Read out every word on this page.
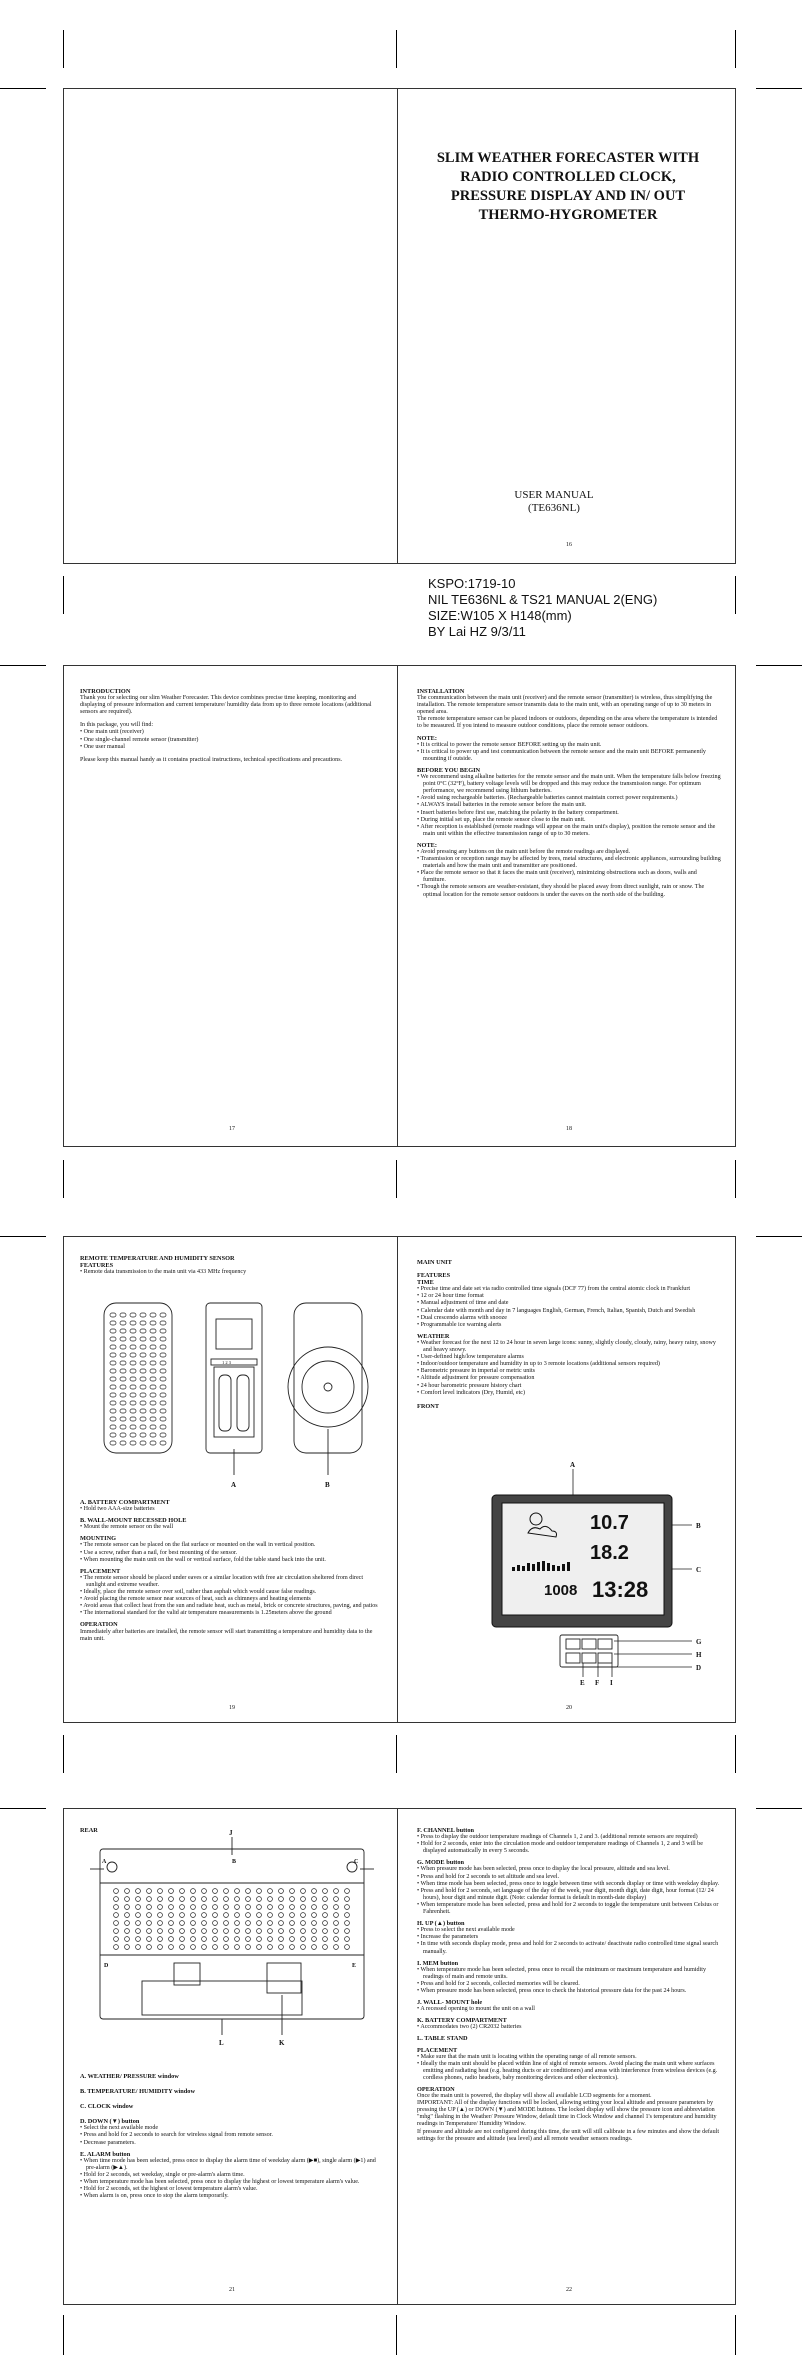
SLIM WEATHER FORECASTER WITH
RADIO CONTROLLED CLOCK,
PRESSURE DISPLAY AND IN/ OUT
THERMO-HYGROMETER
USER MANUAL
(TE636NL)
16
KSPO:1719-10
NIL TE636NL & TS21 MANUAL 2(ENG)
SIZE:W105 X H148(mm)
BY Lai HZ 9/3/11
INTRODUCTION

Thank you for selecting our slim Weather Forecaster. This device combines precise time keeping, monitoring and displaying of pressure information and current temperature/ humidity data from up to three remote locations (additional sensors are required).

In this package, you will find:

• One main unit (receiver)
• One single-channel remote sensor (transmitter)
• One user manual

Please keep this manual handy as it contains practical instructions, technical specifications and precautions.

17
INSTALLATION

The communication between the main unit (receiver) and the remote sensor (transmitter) is wireless, thus simplifying the installation. The remote temperature sensor transmits data to the main unit, with an operating range of up to 30 meters in opened area.

The remote temperature sensor can be placed indoors or outdoors, depending on the area where the temperature is intended to be measured. If you intend to measure outdoor conditions, place the remote sensor outdoors.

NOTE:
• It is critical to power the remote sensor BEFORE setting up the main unit.
• It is critical to power up and test communication between the remote sensor and the main unit BEFORE permanently mounting if outside.
BEFORE YOU BEGIN
• We recommend using alkaline batteries for the remote sensor and the main unit. When the temperature falls below freezing point 0°C (32°F), battery voltage levels will be dropped and this may reduce the transmission range. For optimum performance, we recommend using lithium batteries.
• Avoid using rechargeable batteries. (Rechargeable batteries cannot maintain correct power requirements.)
• ALWAYS install batteries in the remote sensor before the main unit.
• Insert batteries before first use, matching the polarity in the battery compartment.
• During initial set up, place the remote sensor close to the main unit.
• After reception is established (remote readings will appear on the main unit's display), position the remote sensor and the main unit within the effective transmission range of up to 30 meters.
NOTE:
• Avoid pressing any buttons on the main unit before the remote readings are displayed.
• Transmission or reception range may be affected by trees, metal structures, and electronic appliances, surrounding building materials and how the main unit and transmitter are positioned.
• Place the remote sensor so that it faces the main unit (receiver), minimizing obstructions such as doors, walls and furniture.
• Though the remote sensors are weather-resistant, they should be placed away from direct sunlight, rain or snow. The optimal location for the remote sensor outdoors is under the eaves on the north side of the building.
18
REMOTE TEMPERATURE AND HUMIDITY SENSOR
FEATURES

• Remote data transmission to the main unit via 433 MHz frequency

1 2 3
A	B
A. BATTERY COMPARTMENT

• Hold two AAA-size batteries

B. WALL-MOUNT RECESSED HOLE

• Mount the remote sensor on the wall

MOUNTING
• The remote sensor can be placed on the flat surface or mounted on the wall in vertical position.
• Use a screw, rather than a nail, for best mounting of the sensor.
• When mounting the main unit on the wall or vertical surface, fold the table stand back into the unit.
PLACEMENT
• The remote sensor should be placed under eaves or a similar location with free air circulation sheltered from direct sunlight and extreme weather.
• Ideally, place the remote sensor over soil, rather than asphalt which would cause false readings.
• Avoid placing the remote sensor near sources of heat, such as chimneys and heating elements
• Avoid areas that collect heat from the sun and radiate heat, such as metal, brick or concrete structures, paving, and patios
• The international standard for the valid air temperature measurements is 1.25meters above the ground
OPERATION

Immediately after batteries are installed, the remote sensor will start transmitting a temperature and humidity data to the main unit.

19
MAIN UNIT
FEATURES
TIME
• Precise time and date set via radio controlled time signals (DCF 77) from the central atomic clock in Frankfurt
• 12 or 24 hour time format
• Manual adjustment of time and date
• Calendar date with month and day in 7 languages English, German, French, Italian, Spanish, Dutch and Swedish
• Dual crescendo alarms with snooze
• Programmable ice warning alerts
WEATHER
• Weather forecast for the next 12 to 24 hour in seven large icons: sunny, slightly cloudy, cloudy, rainy, heavy rainy, snowy and heavy snowy.
• User-defined high/low temperature alarms
• Indoor/outdoor temperature and humidity in up to 3 remote locations (additional sensors required)
• Barometric pressure in imperial or metric units
• Altitude adjustment for pressure compensation
• 24 hour barometric pressure history chart
• Comfort level indicators (Dry, Humid, etc)
FRONT
10.7
18.2
1008 13:28
A
B
C
G
H
D
E F I
20
REAR	J
A	B	C
D	E
L	K
A. WEATHER/ PRESSURE window
B. TEMPERATURE/ HUMIDITY window
C. CLOCK window
D. DOWN (▼) button
• Select the next available mode
• Press and hold for 2 seconds to search for wireless signal from remote sensor.
• Decrease parameters.
E. ALARM button
• When time mode has been selected, press once to display the alarm time of weekday alarm (▶■), single alarm (▶1) and pre-alarm (▶▲).
• Hold for 2 seconds, set weekday, single or pre-alarm's alarm time.
• When temperature mode has been selected, press once to display the highest or lowest temperature alarm's value.
• Hold for 2 seconds, set the highest or lowest temperature alarm's value.
• When alarm is on, press once to stop the alarm temporarily.
21
F. CHANNEL button
• Press to display the outdoor temperature readings of Channels 1, 2 and 3. (additional remote sensors are required)
• Hold for 2 seconds, enter into the circulation mode and outdoor temperature readings of Channels 1, 2 and 3 will be displayed automatically in every 5 seconds.
G. MODE button
• When pressure mode has been selected, press once to display the local pressure, altitude and sea level.
• Press and hold for 2 seconds to set altitude and sea level.
• When time mode has been selected, press once to toggle between time with seconds display or time with weekday display.
• Press and hold for 2 seconds, set language of the day of the week, year digit, month digit, date digit, hour format (12/ 24 hours), hour digit and minute digit. (Note: calendar format is default in month-date display)
• When temperature mode has been selected, press and hold for 2 seconds to toggle the temperature unit between Celsius or Fahrenheit.
H. UP (▲) button
• Press to select the next available mode
• Increase the parameters
• In time with seconds display mode, press and hold for 2 seconds to activate/ deactivate radio controlled time signal search manually.
I. MEM button
• When temperature mode has been selected, press once to recall the minimum or maximum temperature and humidity readings of main and remote units.
• Press and hold for 2 seconds, collected memories will be cleared.
• When pressure mode has been selected, press once to check the historical pressure data for the past 24 hours.
J. WALL- MOUNT hole

• A recessed opening to mount the unit on a wall

K. BATTERY COMPARTMENT

• Accommodates two (2) CR2032 batteries

L. TABLE STAND
PLACEMENT
• Make sure that the main unit is locating within the operating range of all remote sensors.
• Ideally the main unit should be placed within line of sight of remote sensors. Avoid placing the main unit where surfaces emitting and radiating heat (e.g. heating ducts or air conditioners) and areas with interference from wireless devices (e.g. cordless phones, radio headsets, baby monitoring devices and other electronics).
OPERATION

Once the main unit is powered, the display will show all available LCD segments for a moment.

IMPORTANT: All of the display functions will be locked, allowing setting your local altitude and pressure parameters by pressing the UP (▲) or DOWN (▼) and MODE buttons. The locked display will show the pressure icon and abbreviation "mhg" flashing in the Weather/ Pressure Window, default time in Clock Window and channel 1's temperature and humidity readings in Temperature/ Humidity Window.

If pressure and altitude are not configured during this time, the unit will still calibrate in a few minutes and show the default settings for the pressure and altitude (sea level) and all remote weather sensors readings.

22
